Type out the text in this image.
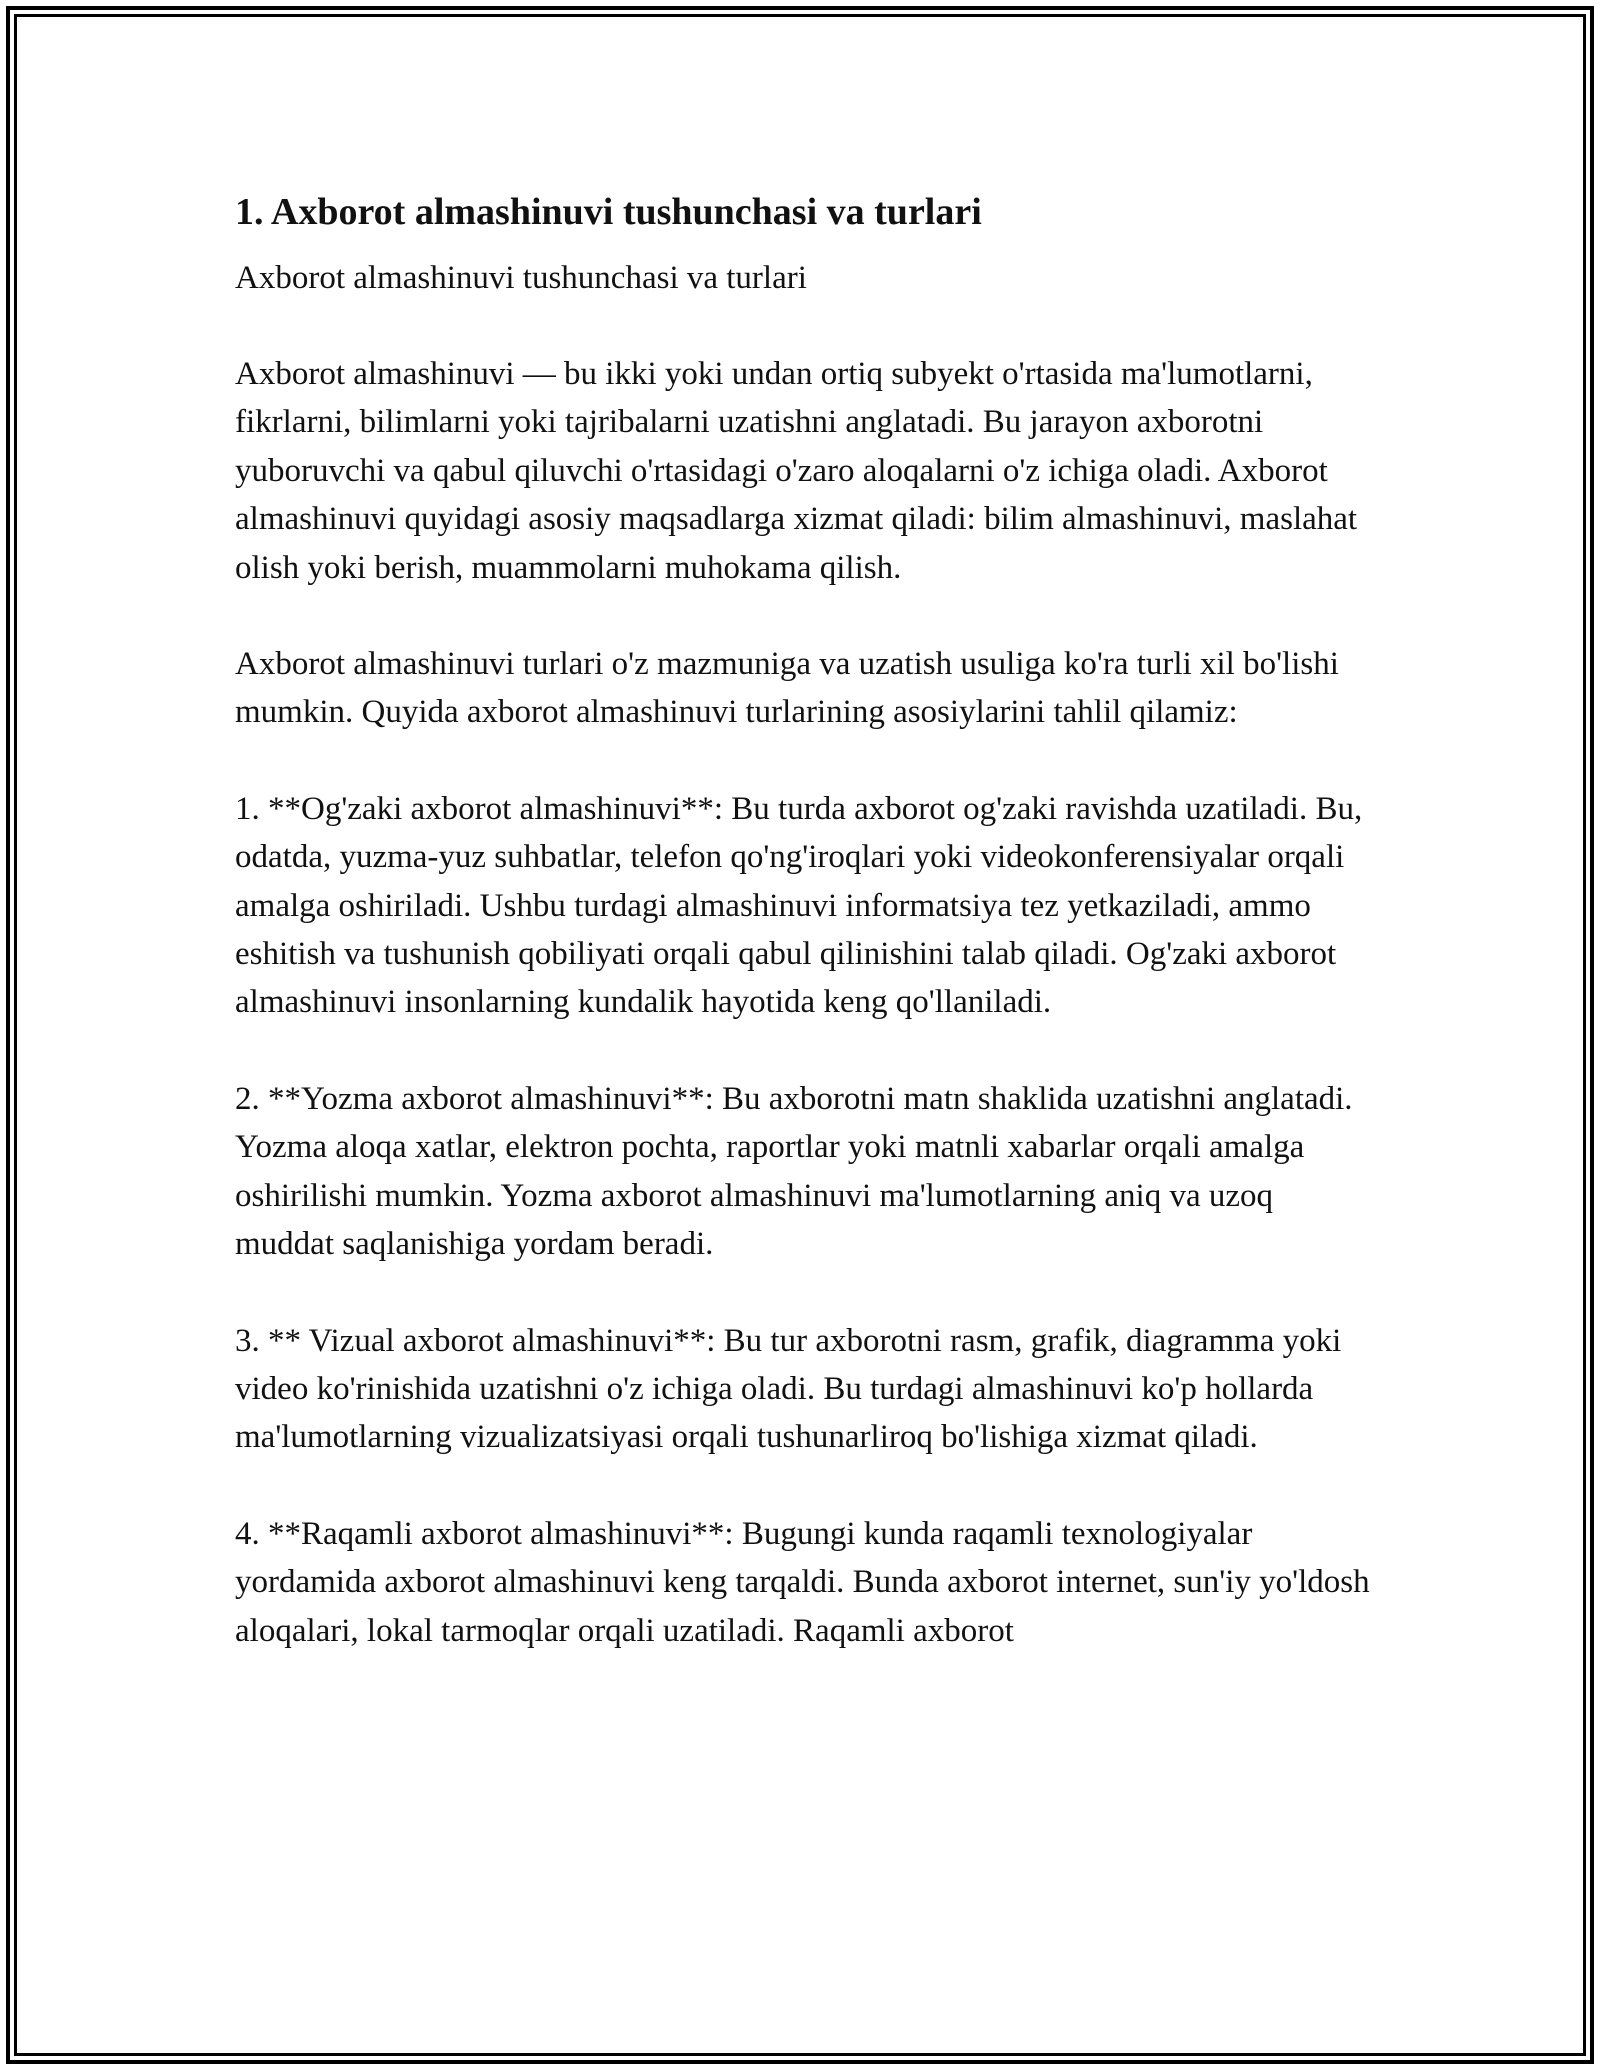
1. Axborot almashinuvi tushunchasi va turlari

Axborot almashinuvi tushunchasi va turlari

Axborot almashinuvi — bu ikki yoki undan ortiq subyekt o'rtasida ma'lumotlarni, fikrlarni, bilimlarni yoki tajribalarni uzatishni anglatadi. Bu jarayon axborotni yuboruvchi va qabul qiluvchi o'rtasidagi o'zaro aloqalarni o'z ichiga oladi. Axborot almashinuvi quyidagi asosiy maqsadlarga xizmat qiladi: bilim almashinuvi, maslahat olish yoki berish, muammolarni muhokama qilish.

Axborot almashinuvi turlari o'z mazmuniga va uzatish usuliga ko'ra turli xil bo'lishi mumkin. Quyida axborot almashinuvi turlarining asosiylarini tahlil qilamiz:

1. **Og'zaki axborot almashinuvi**: Bu turda axborot og'zaki ravishda uzatiladi. Bu, odatda, yuzma-yuz suhbatlar, telefon qo'ng'iroqlari yoki videokonferensiyalar orqali amalga oshiriladi. Ushbu turdagi almashinuvi informatsiya tez yetkaziladi, ammo eshitish va tushunish qobiliyati orqali qabul qilinishini talab qiladi. Og'zaki axborot almashinuvi insonlarning kundalik hayotida keng qo'llaniladi.

2. **Yozma axborot almashinuvi**: Bu axborotni matn shaklida uzatishni anglatadi. Yozma aloqa xatlar, elektron pochta, raportlar yoki matnli xabarlar orqali amalga oshirilishi mumkin. Yozma axborot almashinuvi ma'lumotlarning aniq va uzoq muddat saqlanishiga yordam beradi.

3. ** Vizual axborot almashinuvi**: Bu tur axborotni rasm, grafik, diagramma yoki video ko'rinishida uzatishni o'z ichiga oladi. Bu turdagi almashinuvi ko'p hollarda ma'lumotlarning vizualizatsiyasi orqali tushunarliroq bo'lishiga xizmat qiladi.

4. **Raqamli axborot almashinuvi**: Bugungi kunda raqamli texnologiyalar yordamida axborot almashinuvi keng tarqaldi. Bunda axborot internet, sun'iy yo'ldosh aloqalari, lokal tarmoqlar orqali uzatiladi. Raqamli axborot
